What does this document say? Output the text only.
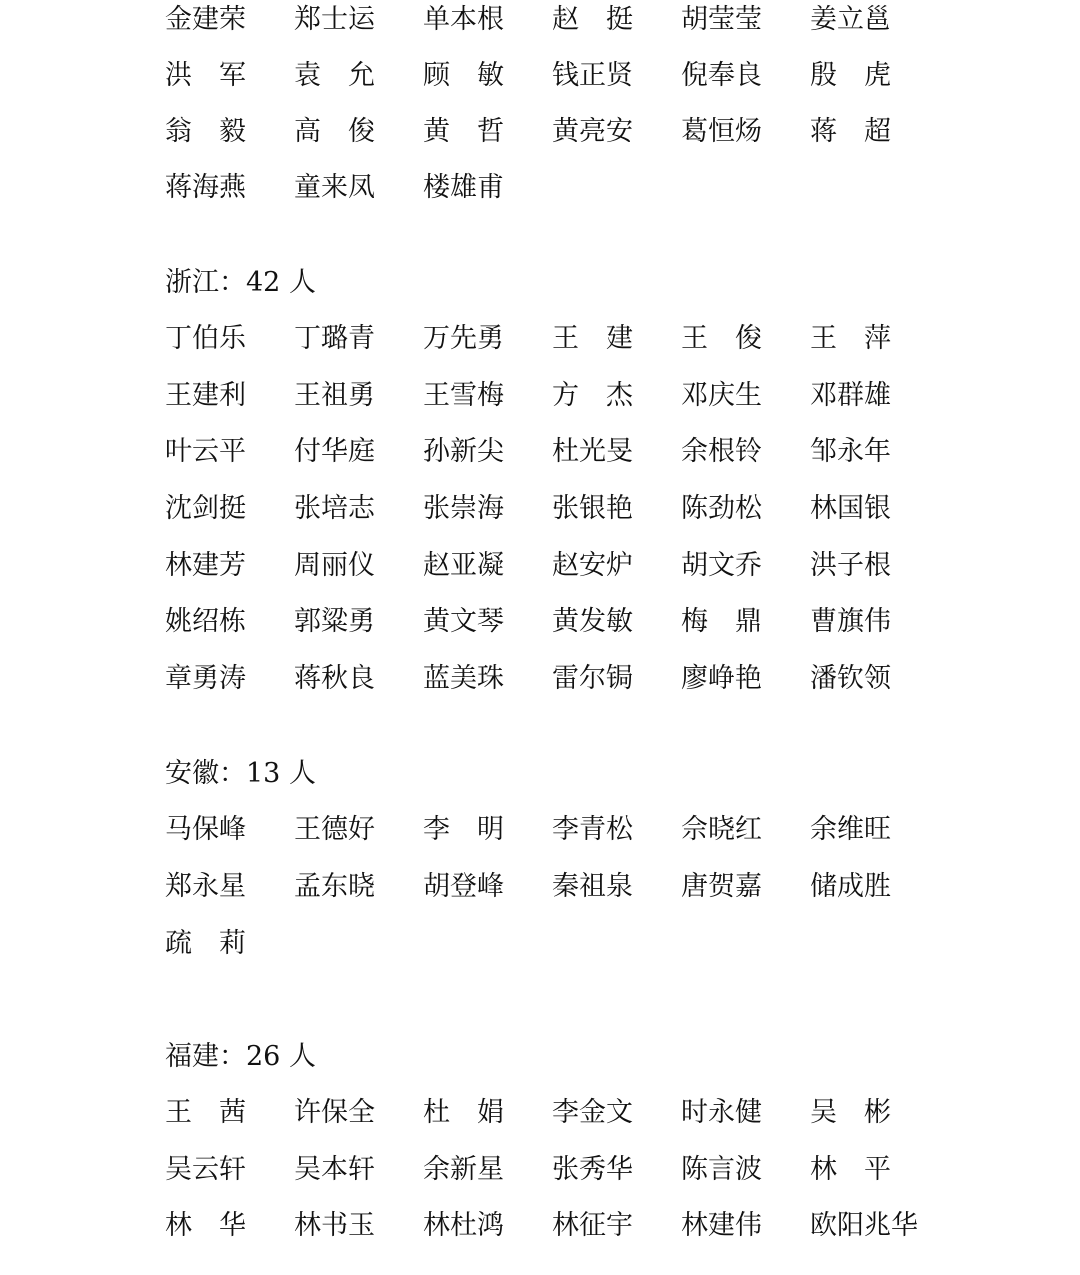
金建荣 郑士运 单本根 赵　挺 胡莹莹 姜立邕
洪　军 袁　允 顾　敏 钱正贤 倪奉良 殷　虎
翁　毅 高　俊 黄　哲 黄亮安 葛恒炀 蒋　超
蒋海燕 童来凤 楼雄甫
浙江：42 人
丁伯乐 丁璐青 万先勇 王　建 王　俊 王　萍
王建利 王祖勇 王雪梅 方　杰 邓庆生 邓群雄
叶云平 付华庭 孙新尖 杜光旻 余根铃 邹永年
沈剑挺 张培志 张崇海 张银艳 陈劲松 林国银
林建芳 周丽仪 赵亚凝 赵安炉 胡文乔 洪子根
姚绍栋 郭粱勇 黄文琴 黄发敏 梅　鼎 曹旗伟
章勇涛 蒋秋良 蓝美珠 雷尔锔 廖峥艳 潘钦领
安徽：13 人
马保峰 王德好 李　明 李青松 佘晓红 余维旺
郑永星 孟东晓 胡登峰 秦祖泉 唐贺嘉 储成胜
疏　莉
福建：26 人
王　茜 许保全 杜　娟 李金文 时永健 吴　彬
吴云轩 吴本轩 余新星 张秀华 陈言波 林　平
林　华 林书玉 林杜鸿 林征宇 林建伟 欧阳兆华
